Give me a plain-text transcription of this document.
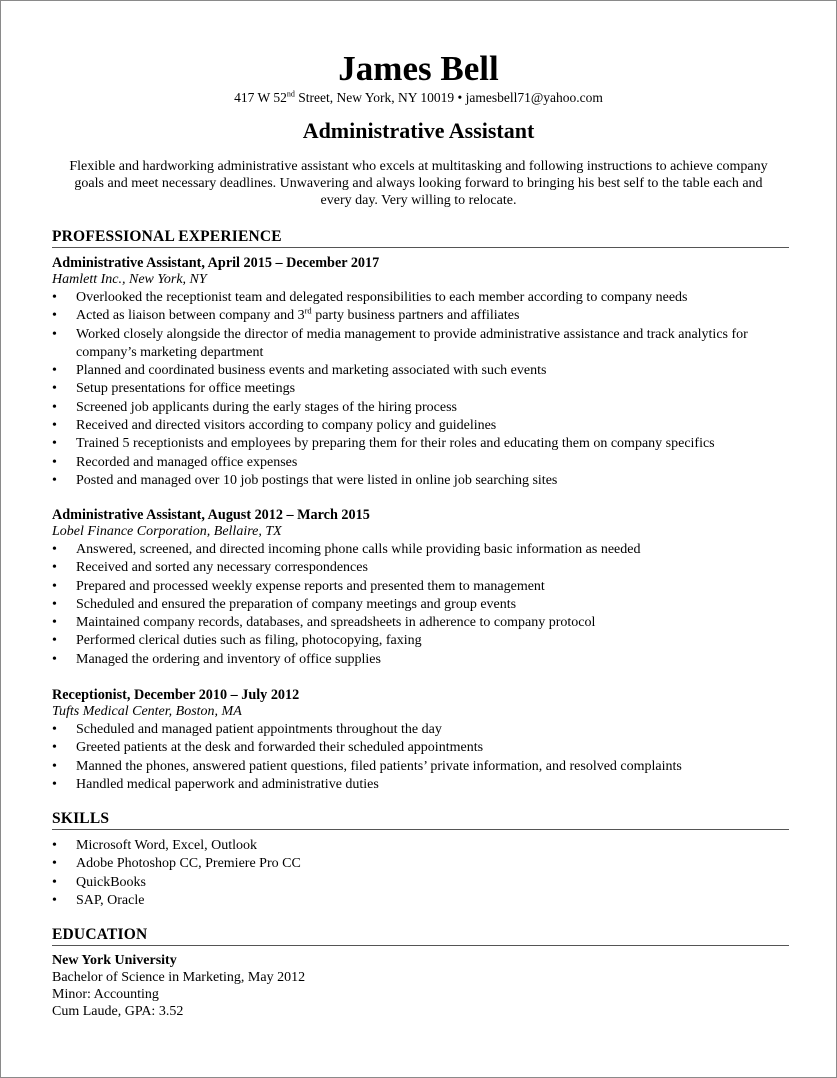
James Bell
417 W 52nd Street, New York, NY 10019 • jamesbell71@yahoo.com
Administrative Assistant
Flexible and hardworking administrative assistant who excels at multitasking and following instructions to achieve company goals and meet necessary deadlines. Unwavering and always looking forward to bringing his best self to the table each and every day. Very willing to relocate.
PROFESSIONAL EXPERIENCE
Administrative Assistant, April 2015 – December 2017
Hamlett Inc., New York, NY
• Overlooked the receptionist team and delegated responsibilities to each member according to company needs
• Acted as liaison between company and 3rd party business partners and affiliates
• Worked closely alongside the director of media management to provide administrative assistance and track analytics for company’s marketing department
• Planned and coordinated business events and marketing associated with such events
• Setup presentations for office meetings
• Screened job applicants during the early stages of the hiring process
• Received and directed visitors according to company policy and guidelines
• Trained 5 receptionists and employees by preparing them for their roles and educating them on company specifics
• Recorded and managed office expenses
• Posted and managed over 10 job postings that were listed in online job searching sites
Administrative Assistant, August 2012 – March 2015
Lobel Finance Corporation, Bellaire, TX
• Answered, screened, and directed incoming phone calls while providing basic information as needed
• Received and sorted any necessary correspondences
• Prepared and processed weekly expense reports and presented them to management
• Scheduled and ensured the preparation of company meetings and group events
• Maintained company records, databases, and spreadsheets in adherence to company protocol
• Performed clerical duties such as filing, photocopying, faxing
• Managed the ordering and inventory of office supplies
Receptionist, December 2010 – July 2012
Tufts Medical Center, Boston, MA
• Scheduled and managed patient appointments throughout the day
• Greeted patients at the desk and forwarded their scheduled appointments
• Manned the phones, answered patient questions, filed patients’ private information, and resolved complaints
• Handled medical paperwork and administrative duties
SKILLS
• Microsoft Word, Excel, Outlook
• Adobe Photoshop CC, Premiere Pro CC
• QuickBooks
• SAP, Oracle
EDUCATION
New York University
Bachelor of Science in Marketing, May 2012
Minor: Accounting
Cum Laude, GPA: 3.52
